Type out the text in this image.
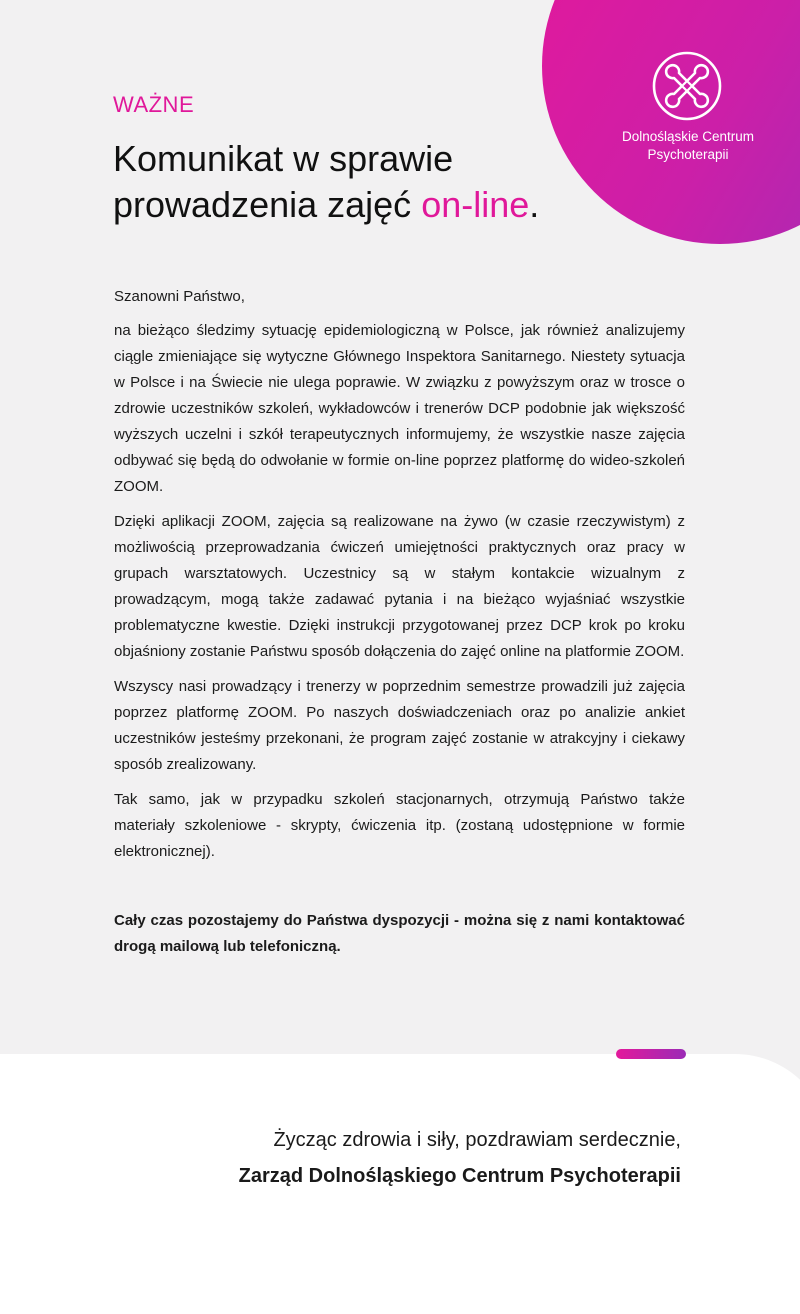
Dolnośląskie Centrum
Psychoterapii
WAŻNE
Komunikat w sprawie prowadzenia zajęć on-line.

Szanowni Państwo,

na bieżąco śledzimy sytuację epidemiologiczną w Polsce, jak również analizujemy ciągle zmieniające się wytyczne Głównego Inspektora Sanitarnego. Niestety sytuacja w Polsce i na Świecie nie ulega poprawie. W związku z powyższym oraz w trosce o zdrowie uczestników szkoleń, wykładowców i trenerów DCP podobnie jak większość wyższych uczelni i szkół terapeutycznych informujemy, że wszystkie nasze zajęcia odbywać się będą do odwołanie w formie on-line poprzez platformę do wideo-szkoleń ZOOM.

Dzięki aplikacji ZOOM, zajęcia są realizowane na żywo (w czasie rzeczywistym) z możliwością przeprowadzania ćwiczeń umiejętności praktycznych oraz pracy w grupach warsztatowych. Uczestnicy są w stałym kontakcie wizualnym z prowadzącym, mogą także zadawać pytania i na bieżąco wyjaśniać wszystkie problematyczne kwestie. Dzięki instrukcji przygotowanej przez DCP krok po kroku objaśniony zostanie Państwu sposób dołączenia do zajęć online na platformie ZOOM.

Wszyscy nasi prowadzący i trenerzy w poprzednim semestrze prowadzili już zajęcia poprzez platformę ZOOM. Po naszych doświadczeniach oraz po analizie ankiet uczestników jesteśmy przekonani, że program zajęć zostanie w atrakcyjny i ciekawy sposób zrealizowany.

Tak samo, jak w przypadku szkoleń stacjonarnych, otrzymują Państwo także materiały szkoleniowe - skrypty, ćwiczenia itp. (zostaną udostępnione w formie elektronicznej).

Cały czas pozostajemy do Państwa dyspozycji - można się z nami kontaktować drogą mailową lub telefoniczną.

Życząc zdrowia i siły, pozdrawiam serdecznie,
Zarząd Dolnośląskiego Centrum Psychoterapii
